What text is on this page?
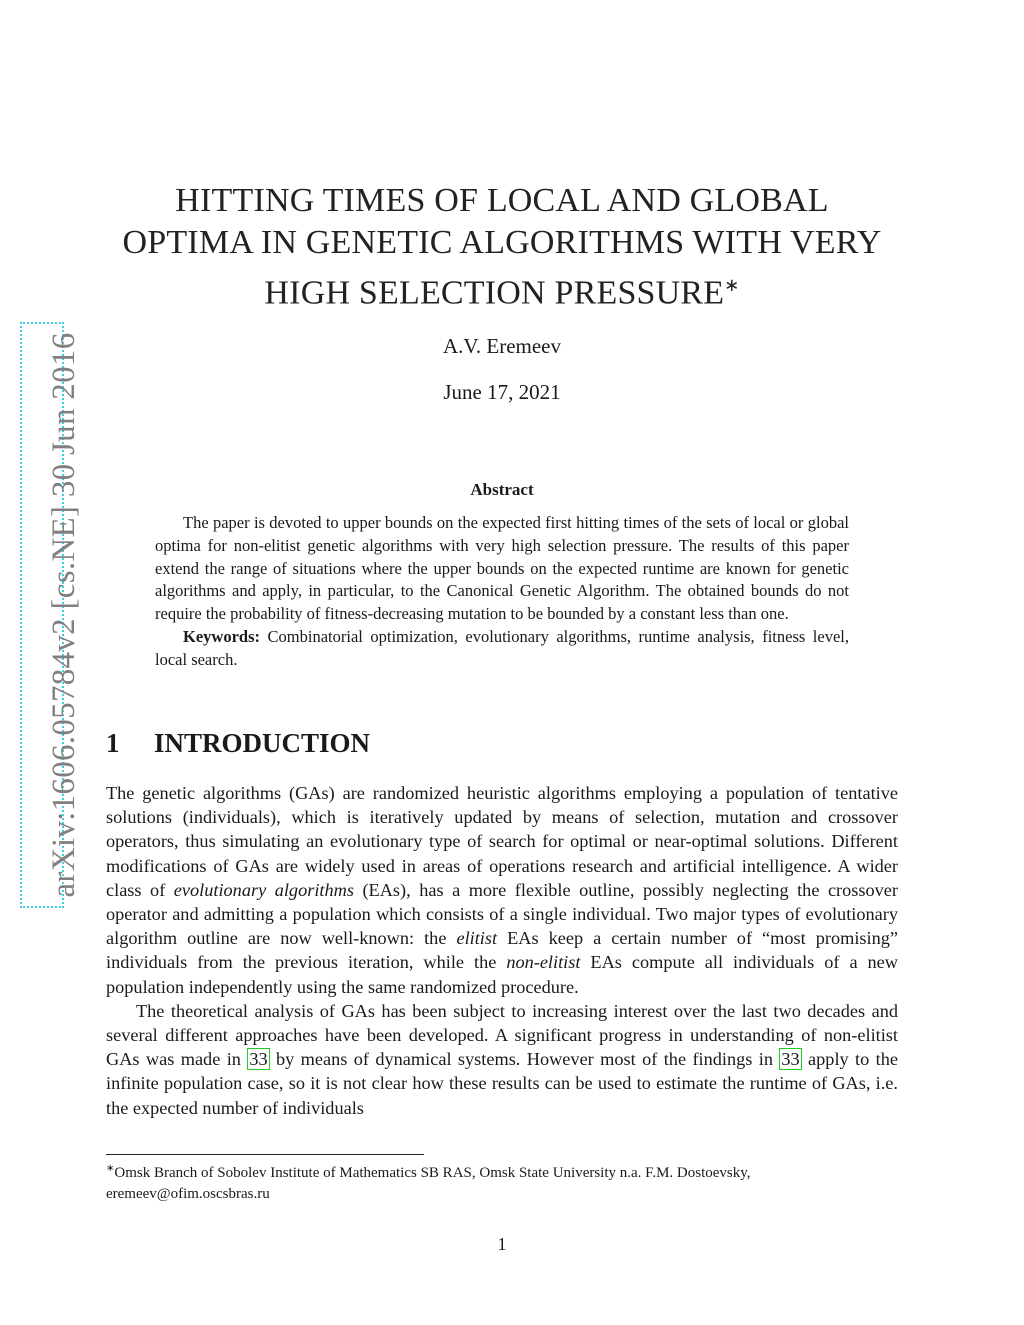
arXiv:1606.05784v2 [cs.NE] 30 Jun 2016
HITTING TIMES OF LOCAL AND GLOBAL
OPTIMA IN GENETIC ALGORITHMS WITH VERY
HIGH SELECTION PRESSURE∗
A.V. Eremeev
June 17, 2021
Abstract

The paper is devoted to upper bounds on the expected first hitting times of the sets of local or global optima for non-elitist genetic algorithms with very high selection pressure. The results of this paper extend the range of situations where the upper bounds on the expected runtime are known for genetic algorithms and apply, in particular, to the Canonical Genetic Algorithm. The obtained bounds do not require the probability of fitness-decreasing mutation to be bounded by a constant less than one.

Keywords: Combinatorial optimization, evolutionary algorithms, runtime analysis, fitness level, local search.

1 INTRODUCTION

The genetic algorithms (GAs) are randomized heuristic algorithms employing a population of tentative solutions (individuals), which is iteratively updated by means of selection, mutation and crossover operators, thus simulating an evolutionary type of search for optimal or near-optimal solutions. Different modifications of GAs are widely used in areas of operations research and artificial intelligence. A wider class of evolutionary algorithms (EAs), has a more flexible outline, possibly neglecting the crossover operator and admitting a population which consists of a single individual. Two major types of evolutionary algorithm outline are now well-known: the elitist EAs keep a certain number of “most promising” individuals from the previous iteration, while the non-elitist EAs compute all individuals of a new population independently using the same randomized procedure.

The theoretical analysis of GAs has been subject to increasing interest over the last two decades and several different approaches have been developed. A significant progress in understanding of non-elitist GAs was made in 33 by means of dynamical systems. However most of the findings in 33 apply to the infinite population case, so it is not clear how these results can be used to estimate the runtime of GAs, i.e. the expected number of individuals

∗Omsk Branch of Sobolev Institute of Mathematics SB RAS, Omsk State University n.a. F.M. Dostoevsky, eremeev@ofim.oscsbras.ru
1
